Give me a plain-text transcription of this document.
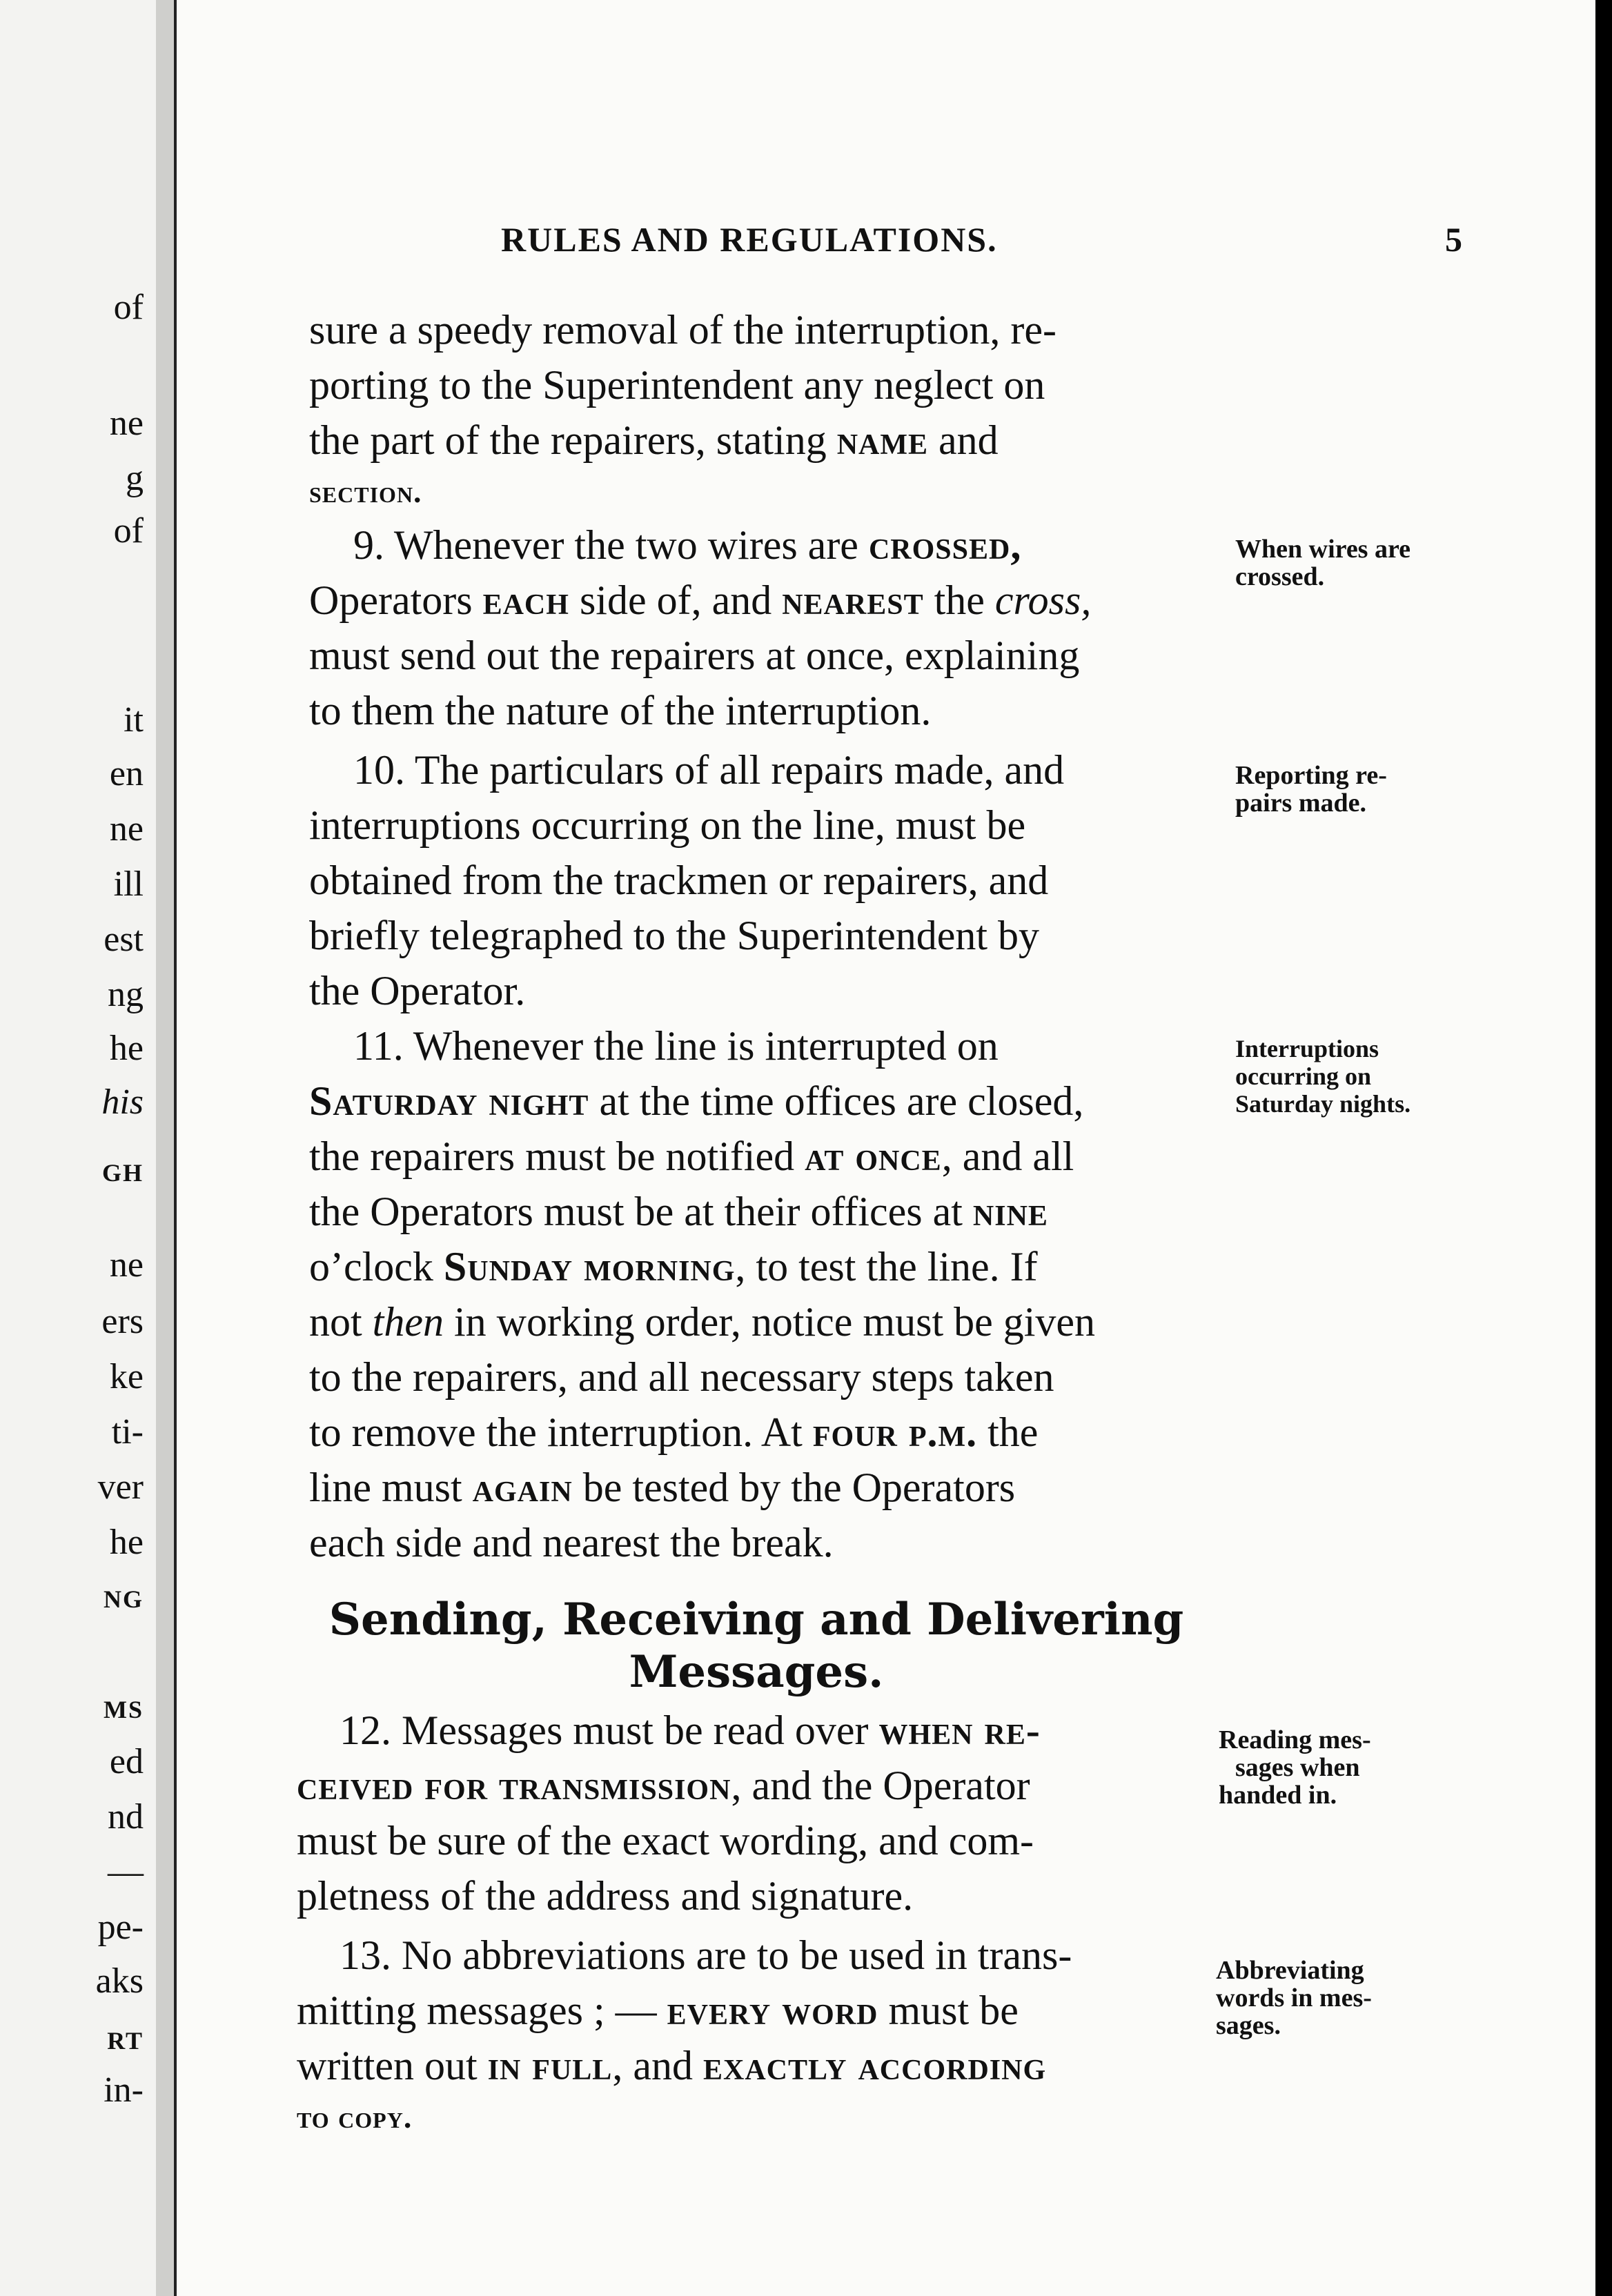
of
ne
g
of
it
en
ne
ill
est
ng
he
his
GH
ne
ers
ke
ti-
ver
he
NG
MS
ed
nd
—
pe-
aks
RT
in-
RULES AND REGULATIONS.	5
sure a speedy removal of the interruption, re-
porting to the Superintendent any neglect on
the part of the repairers, stating name and
section.
9. Whenever the two wires are crossed,
Operators each side of, and nearest the cross,
must send out the repairers at once, explaining
to them the nature of the interruption.
10. The particulars of all repairs made, and
interruptions occurring on the line, must be
obtained from the trackmen or repairers, and
briefly telegraphed to the Superintendent by
the Operator.
11. Whenever the line is interrupted on
Saturday night at the time offices are closed,
the repairers must be notified at once, and all
the Operators must be at their offices at nine
o’clock Sunday morning, to test the line. If
not then in working order, notice must be given
to the repairers, and all necessary steps taken
to remove the interruption. At four p.m. the
line must again be tested by the Operators
each side and nearest the break.
Sending, Receiving and Delivering
Messages.
12. Messages must be read over when re-
ceived for transmission, and the Operator
must be sure of the exact wording, and com-
pletness of the address and signature.
13. No abbreviations are to be used in trans-
mitting messages ; — every word must be
written out in full, and exactly according
to copy.
When wires are
crossed.
Reporting re-
pairs made.
Interruptions
occurring on
Saturday nights.
Reading mes-
sages when
handed in.
Abbreviating
words in mes-
sages.
